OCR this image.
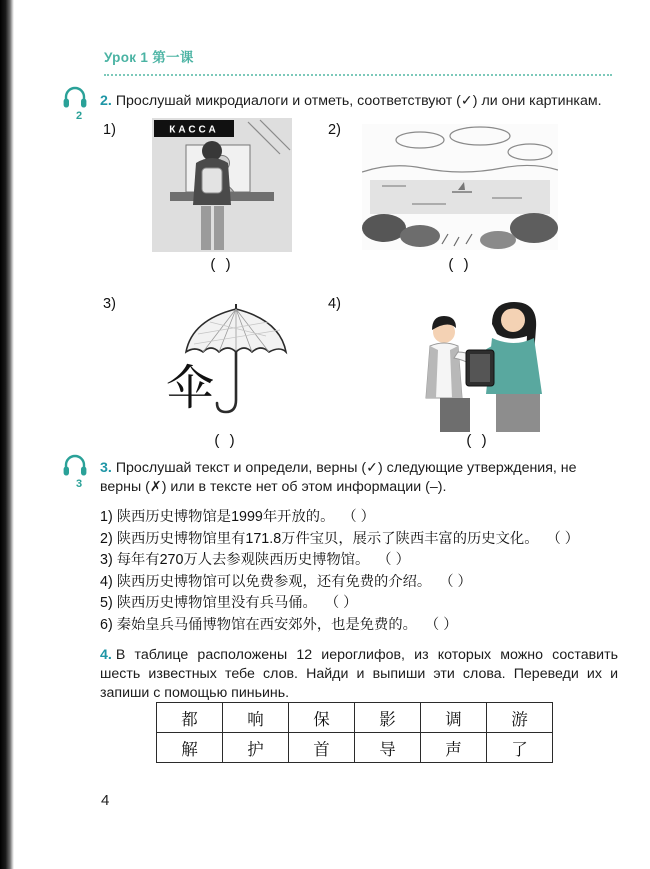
Урок 1 第一课
2
2. Прослушай микродиалоги и отметь, соответствуют (✓) ли они картинкам.
1)	КАССА
( )
2)
( )
3)
伞
( )
4)
( )
3
3. Прослушай текст и определи, верны (✓) следующие утверждения, не верны (✗) или в тексте нет об этом информации (–).
1) 陕西历史博物馆是1999年开放的。 （ ）
2) 陕西历史博物馆里有171.8万件宝贝，展示了陕西丰富的历史文化。 （ ）
3) 每年有270万人去参观陕西历史博物馆。 （ ）
4) 陕西历史博物馆可以免费参观，还有免费的介绍。 （ ）
5) 陕西历史博物馆里没有兵马俑。 （ ）
6) 秦始皇兵马俑博物馆在西安郊外，也是免费的。 （ ）
4. В таблице расположены 12 иероглифов, из которых можно составить шесть известных тебе слов. Найди и выпиши эти слова. Переведи их и запиши с помощью пиньинь.
都	响	保	影	调	游
解	护	首	导	声	了
4
